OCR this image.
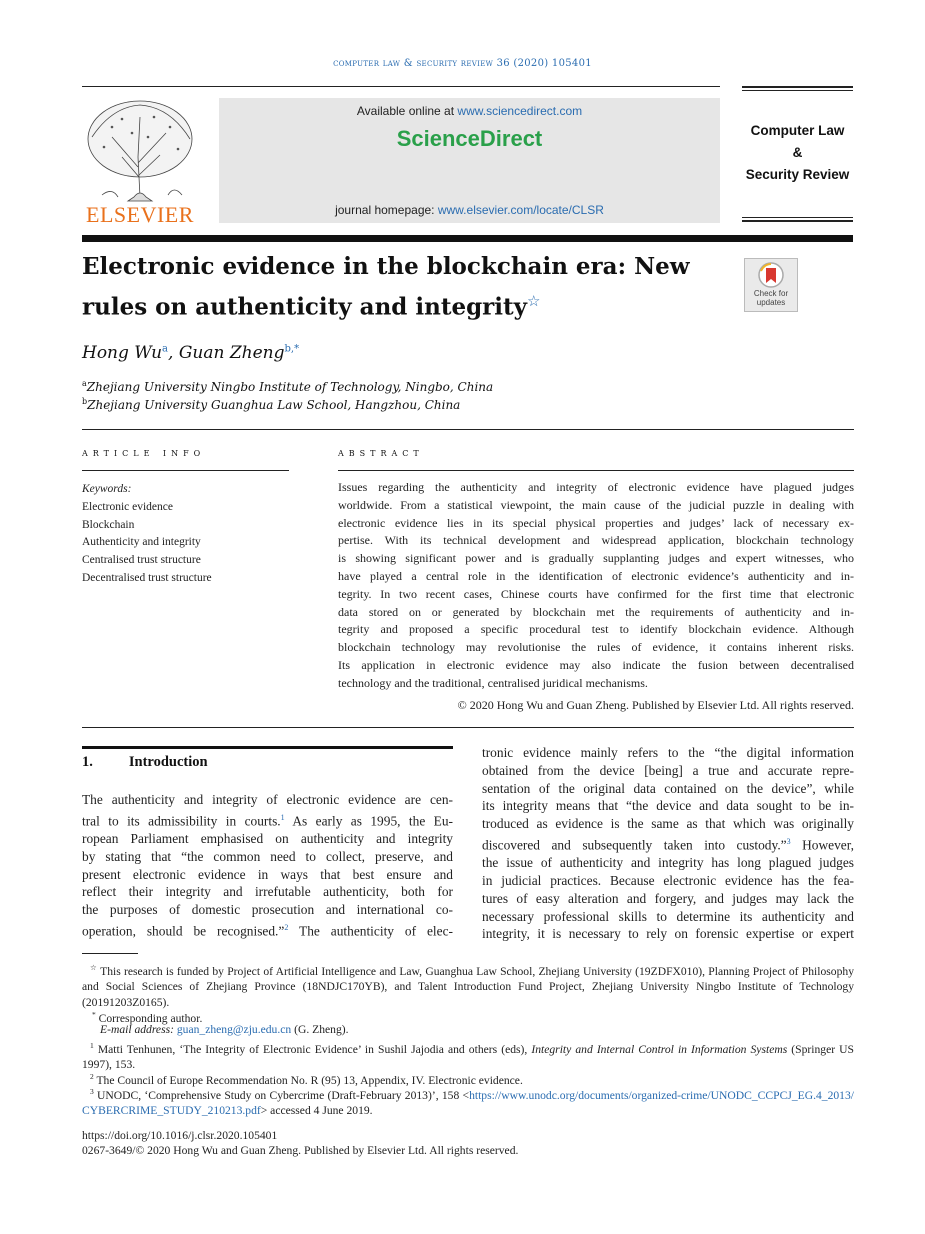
computer law & security review 36 (2020) 105401
ELSEVIER
Available online at www.sciencedirect.com
ScienceDirect
journal homepage: www.elsevier.com/locate/CLSR
Computer Law
&
Security Review
Electronic evidence in the blockchain era: New
rules on authenticity and integrity☆	Check for
updates
Hong Wu$^a$, Guan Zheng$^{b,*}$
$^a$Zhejiang University Ningbo Institute of Technology, Ningbo, China
$^b$Zhejiang University Guanghua Law School, Hangzhou, China
article info
Keywords:
Electronic evidence
Blockchain
Authenticity and integrity
Centralised trust structure
Decentralised trust structure
abstract
Issues regarding the authenticity and integrity of electronic evidence have plagued judges
worldwide. From a statistical viewpoint, the main cause of the judicial puzzle in dealing with
electronic evidence lies in its special physical properties and judges’ lack of necessary ex-
pertise. With its technical development and widespread application, blockchain technology
is showing significant power and is gradually supplanting judges and expert witnesses, who
have played a central role in the identification of electronic evidence’s authenticity and in-
tegrity. In two recent cases, Chinese courts have confirmed for the first time that electronic
data stored on or generated by blockchain met the requirements of authenticity and in-
tegrity and proposed a specific procedural test to identify blockchain evidence. Although
blockchain technology may revolutionise the rules of evidence, it contains inherent risks.
Its application in electronic evidence may also indicate the fusion between decentralised
technology and the traditional, centralised juridical mechanisms.
© 2020 Hong Wu and Guan Zheng. Published by Elsevier Ltd. All rights reserved.
1. Introduction
The authenticity and integrity of electronic evidence are cen-
tral to its admissibility in courts.$^1$ As early as 1995, the Eu-
ropean Parliament emphasised on authenticity and integrity
by stating that “the common need to collect, preserve, and
present electronic evidence in ways that best ensure and
reflect their integrity and irrefutable authenticity, both for
the purposes of domestic prosecution and international co-
operation, should be recognised.”$^2$ The authenticity of elec-
tronic evidence mainly refers to the “the digital information
obtained from the device [being] a true and accurate repre-
sentation of the original data contained on the device”, while
its integrity means that “the device and data sought to be in-
troduced as evidence is the same as that which was originally
discovered and subsequently taken into custody.”$^3$ However,
the issue of authenticity and integrity has long plagued judges
in judicial practices. Because electronic evidence has the fea-
tures of easy alteration and forgery, and judges may lack the
necessary professional skills to determine its authenticity and
integrity, it is necessary to rely on forensic expertise or expert
☆ This research is funded by Project of Artificial Intelligence and Law, Guanghua Law School, Zhejiang University (19ZDFX010), Planning Project of Philosophy and Social Sciences of Zhejiang Province (18NDJC170YB), and Talent Introduction Fund Project, Zhejiang University Ningbo Institute of Technology (20191203Z0165).
* Corresponding author.
E-mail address: guan_zheng@zju.edu.cn (G. Zheng).
$^1$ Matti Tenhunen, ‘The Integrity of Electronic Evidence’ in Sushil Jajodia and others (eds), Integrity and Internal Control in Information Systems (Springer US 1997), 153.
$^2$ The Council of Europe Recommendation No. R (95) 13, Appendix, IV. Electronic evidence.
$^3$ UNODC, ‘Comprehensive Study on Cybercrime (Draft-February 2013)’, 158 <https://www.unodc.org/documents/organized-crime/UNODC_CCPCJ_EG.4_2013/CYBERCRIME_STUDY_210213.pdf> accessed 4 June 2019.
https://doi.org/10.1016/j.clsr.2020.105401
0267-3649/© 2020 Hong Wu and Guan Zheng. Published by Elsevier Ltd. All rights reserved.
